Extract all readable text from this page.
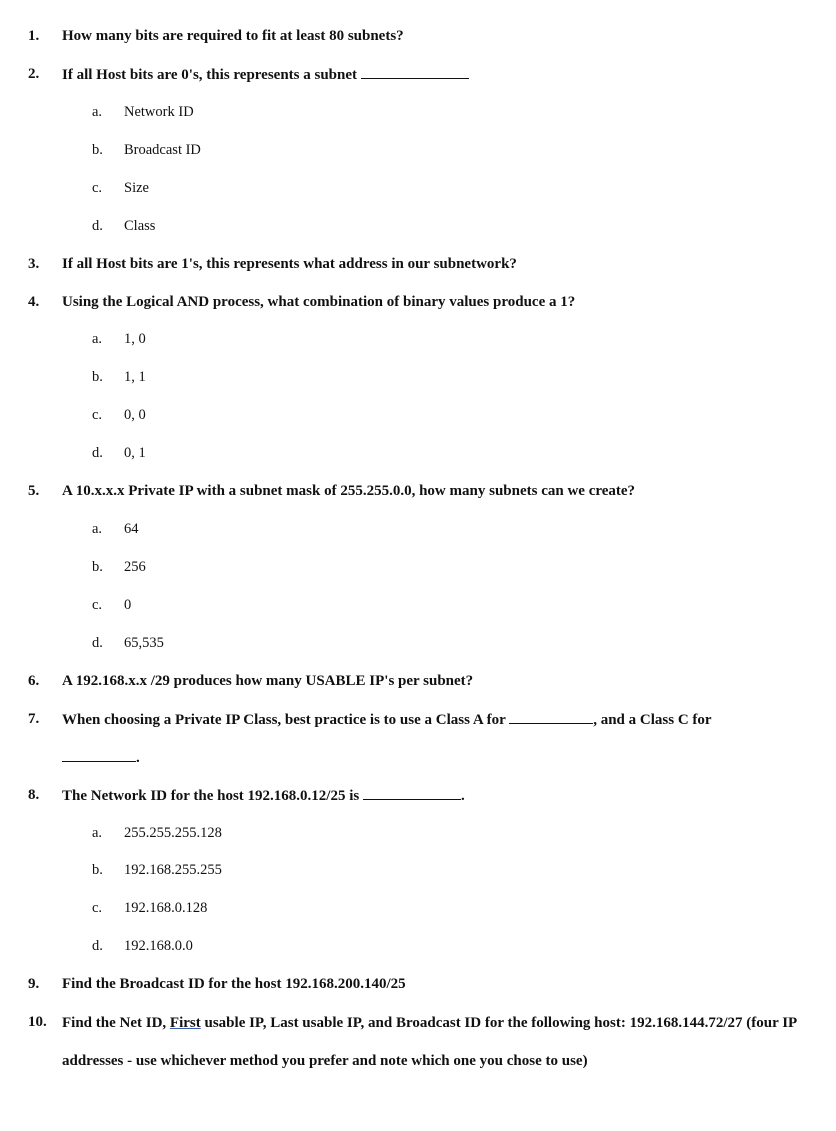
1. How many bits are required to fit at least 80 subnets?
2. If all Host bits are 0's, this represents a subnet
a. Network ID
b. Broadcast ID
c. Size
d. Class
3. If all Host bits are 1's, this represents what address in our subnetwork?
4. Using the Logical AND process, what combination of binary values produce a 1?
a. 1, 0
b. 1, 1
c. 0, 0
d. 0, 1
5. A 10.x.x.x Private IP with a subnet mask of 255.255.0.0, how many subnets can we create?
a. 64
b. 256
c. 0
d. 65,535
6. A 192.168.x.x /29 produces how many USABLE IP's per subnet?
7. When choosing a Private IP Class, best practice is to use a Class A for	, and a Class C for
.
8. The Network ID for the host 192.168.0.12/25 is	.
a. 255.255.255.128
b. 192.168.255.255
c. 192.168.0.128
d. 192.168.0.0
9. Find the Broadcast ID for the host 192.168.200.140/25
10. Find the Net ID, First usable IP, Last usable IP, and Broadcast ID for the following host: 192.168.144.72/27 (four IP addresses - use whichever method you prefer and note which one you chose to use)
